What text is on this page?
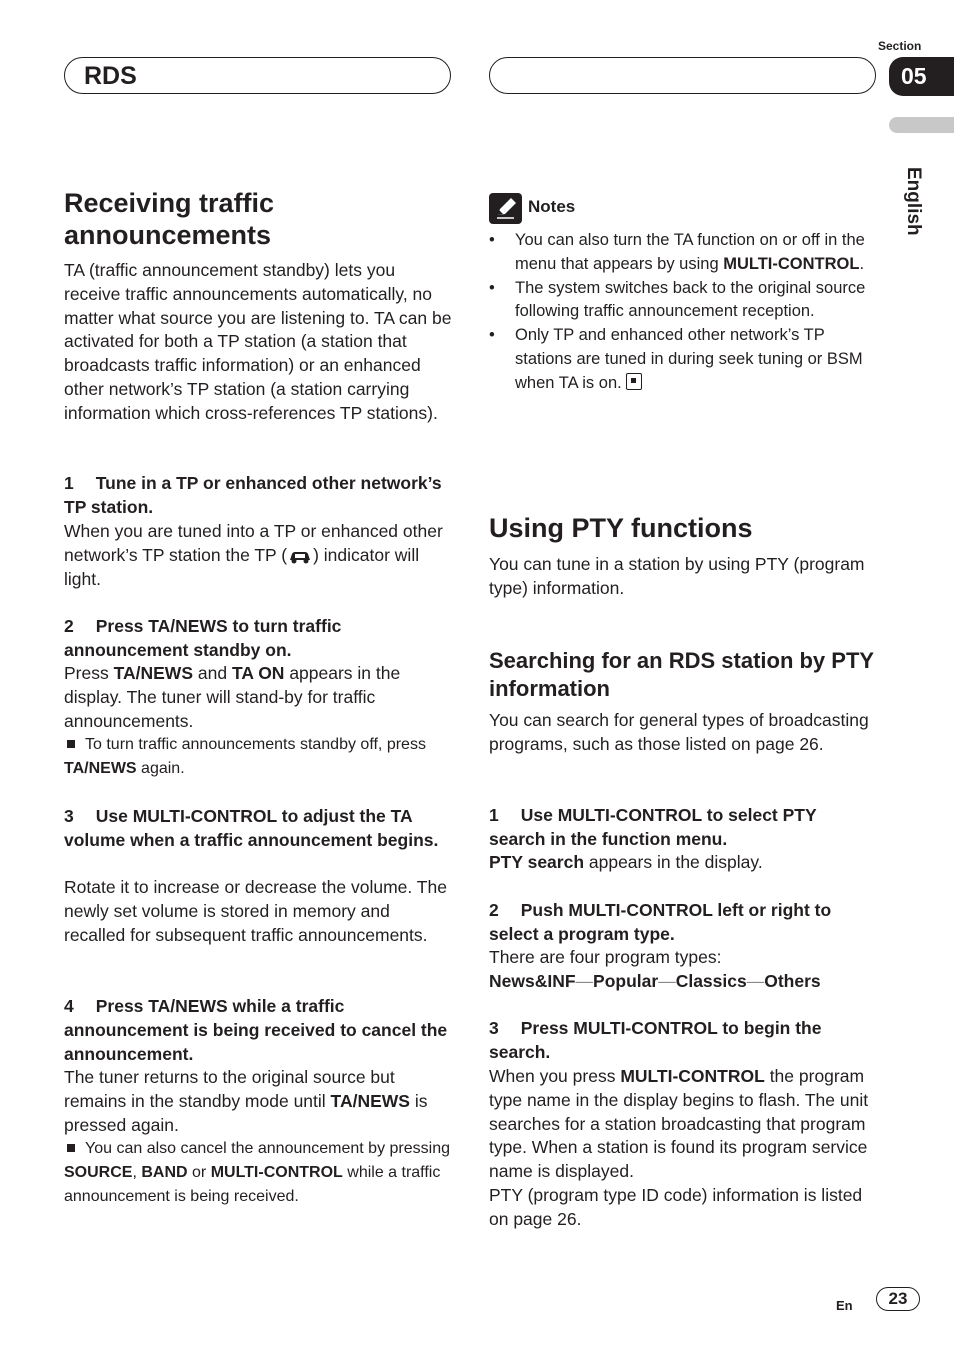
RDS
Section
05
English
Receiving traffic announcements

TA (traffic announcement standby) lets you receive traffic announcements automatically, no matter what source you are listening to. TA can be activated for both a TP station (a station that broadcasts traffic information) or an enhanced other network’s TP station (a station carrying information which cross-references TP stations).

1 Tune in a TP or enhanced other network’s TP station.

When you are tuned into a TP or enhanced other network’s TP station the TP ( ) indicator will light.

2 Press TA/NEWS to turn traffic announcement standby on.

Press TA/NEWS and TA ON appears in the display. The tuner will stand-by for traffic announcements.

To turn traffic announcements standby off, press TA/NEWS again.

3 Use MULTI-CONTROL to adjust the TA volume when a traffic announcement begins.

Rotate it to increase or decrease the volume. The newly set volume is stored in memory and recalled for subsequent traffic announcements.

4 Press TA/NEWS while a traffic announcement is being received to cancel the announcement.

The tuner returns to the original source but remains in the standby mode until TA/NEWS is pressed again.

You can also cancel the announcement by pressing SOURCE, BAND or MULTI-CONTROL while a traffic announcement is being received.

Notes
• You can also turn the TA function on or off in the menu that appears by using MULTI-CONTROL.
• The system switches back to the original source following traffic announcement reception.
• Only TP and enhanced other network’s TP stations are tuned in during seek tuning or BSM when TA is on.
Using PTY functions

You can tune in a station by using PTY (program type) information.

Searching for an RDS station by PTY information

You can search for general types of broadcasting programs, such as those listed on page 26.

1 Use MULTI-CONTROL to select PTY search in the function menu.

PTY search appears in the display.

2 Push MULTI-CONTROL left or right to select a program type.

There are four program types:

News&INF—Popular—Classics—Others

3 Press MULTI-CONTROL to begin the search.

When you press MULTI-CONTROL the program type name in the display begins to flash. The unit searches for a station broadcasting that program type. When a station is found its program service name is displayed.
PTY (program type ID code) information is listed on page 26.

En	23
